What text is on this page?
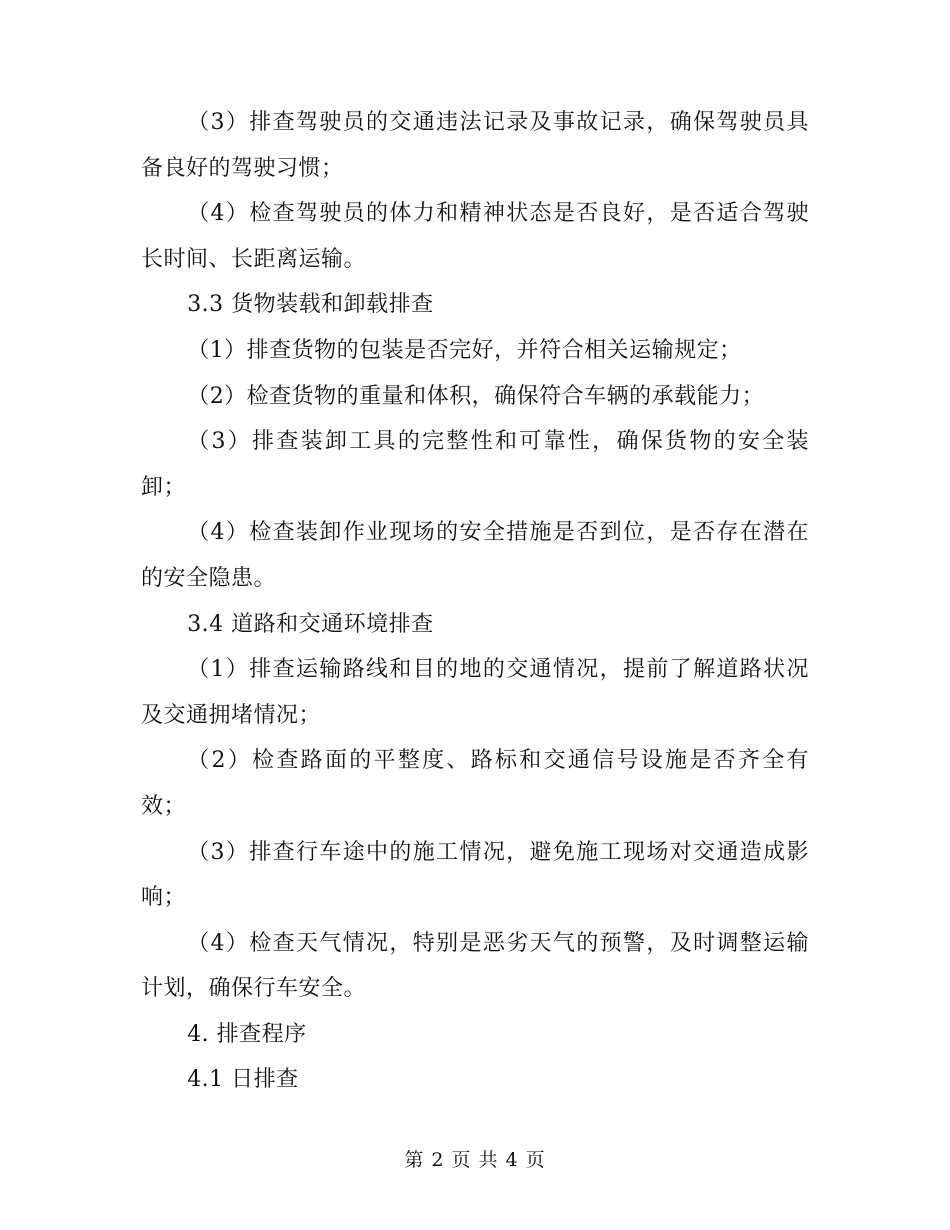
（3）排查驾驶员的交通违法记录及事故记录，确保驾驶员具备良好的驾驶习惯；

（4）检查驾驶员的体力和精神状态是否良好，是否适合驾驶长时间、长距离运输。

3.3 货物装载和卸载排查

（1）排查货物的包装是否完好，并符合相关运输规定；

（2）检查货物的重量和体积，确保符合车辆的承载能力；

（3）排查装卸工具的完整性和可靠性，确保货物的安全装卸；

（4）检查装卸作业现场的安全措施是否到位，是否存在潜在的安全隐患。

3.4 道路和交通环境排查

（1）排查运输路线和目的地的交通情况，提前了解道路状况及交通拥堵情况；

（2）检查路面的平整度、路标和交通信号设施是否齐全有效；

（3）排查行车途中的施工情况，避免施工现场对交通造成影响；

（4）检查天气情况，特别是恶劣天气的预警，及时调整运输计划，确保行车安全。

4. 排查程序

4.1 日排查

第 2 页 共 4 页
